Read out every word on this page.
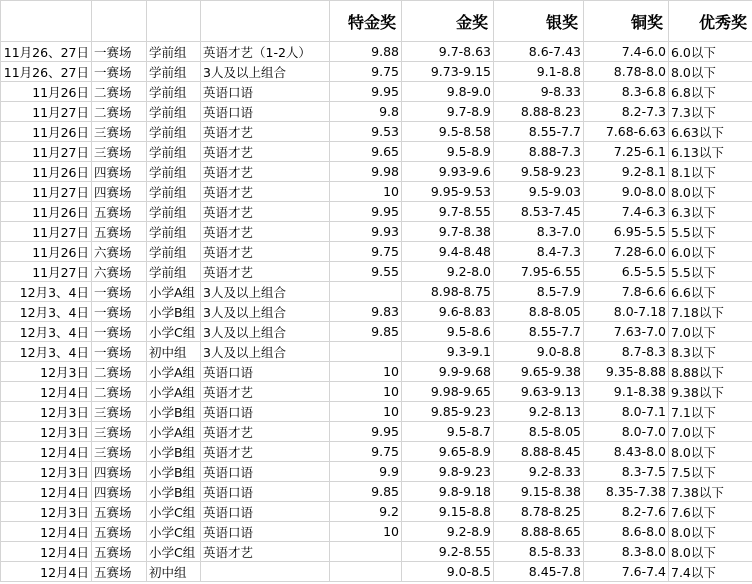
				特金奖	金奖	银奖	铜奖	优秀奖
11月26、27日	一赛场	学前组	英语才艺（1-2人）	9.88	9.7-8.63	8.6-7.43	7.4-6.0	6.0以下
11月26、27日	一赛场	学前组	3人及以上组合	9.75	9.73-9.15	9.1-8.8	8.78-8.0	8.0以下
11月26日	二赛场	学前组	英语口语	9.95	9.8-9.0	9-8.33	8.3-6.8	6.8以下
11月27日	二赛场	学前组	英语口语	9.8	9.7-8.9	8.88-8.23	8.2-7.3	7.3以下
11月26日	三赛场	学前组	英语才艺	9.53	9.5-8.58	8.55-7.7	7.68-6.63	6.63以下
11月27日	三赛场	学前组	英语才艺	9.65	9.5-8.9	8.88-7.3	7.25-6.1	6.13以下
11月26日	四赛场	学前组	英语才艺	9.98	9.93-9.6	9.58-9.23	9.2-8.1	8.1以下
11月27日	四赛场	学前组	英语才艺	10	9.95-9.53	9.5-9.03	9.0-8.0	8.0以下
11月26日	五赛场	学前组	英语才艺	9.95	9.7-8.55	8.53-7.45	7.4-6.3	6.3以下
11月27日	五赛场	学前组	英语才艺	9.93	9.7-8.38	8.3-7.0	6.95-5.5	5.5以下
11月26日	六赛场	学前组	英语才艺	9.75	9.4-8.48	8.4-7.3	7.28-6.0	6.0以下
11月27日	六赛场	学前组	英语才艺	9.55	9.2-8.0	7.95-6.55	6.5-5.5	5.5以下
12月3、4日	一赛场	小学A组	3人及以上组合		8.98-8.75	8.5-7.9	7.8-6.6	6.6以下
12月3、4日	一赛场	小学B组	3人及以上组合	9.83	9.6-8.83	8.8-8.05	8.0-7.18	7.18以下
12月3、4日	一赛场	小学C组	3人及以上组合	9.85	9.5-8.6	8.55-7.7	7.63-7.0	7.0以下
12月3、4日	一赛场	初中组	3人及以上组合		9.3-9.1	9.0-8.8	8.7-8.3	8.3以下
12月3日	二赛场	小学A组	英语口语	10	9.9-9.68	9.65-9.38	9.35-8.88	8.88以下
12月4日	二赛场	小学A组	英语才艺	10	9.98-9.65	9.63-9.13	9.1-8.38	9.38以下
12月3日	三赛场	小学B组	英语口语	10	9.85-9.23	9.2-8.13	8.0-7.1	7.1以下
12月3日	三赛场	小学A组	英语才艺	9.95	9.5-8.7	8.5-8.05	8.0-7.0	7.0以下
12月4日	三赛场	小学B组	英语才艺	9.75	9.65-8.9	8.88-8.45	8.43-8.0	8.0以下
12月3日	四赛场	小学B组	英语口语	9.9	9.8-9.23	9.2-8.33	8.3-7.5	7.5以下
12月4日	四赛场	小学B组	英语口语	9.85	9.8-9.18	9.15-8.38	8.35-7.38	7.38以下
12月3日	五赛场	小学C组	英语口语	9.2	9.15-8.8	8.78-8.25	8.2-7.6	7.6以下
12月4日	五赛场	小学C组	英语口语	10	9.2-8.9	8.88-8.65	8.6-8.0	8.0以下
12月4日	五赛场	小学C组	英语才艺		9.2-8.55	8.5-8.33	8.3-8.0	8.0以下
12月4日	五赛场	初中组			9.0-8.5	8.45-7.8	7.6-7.4	7.4以下
